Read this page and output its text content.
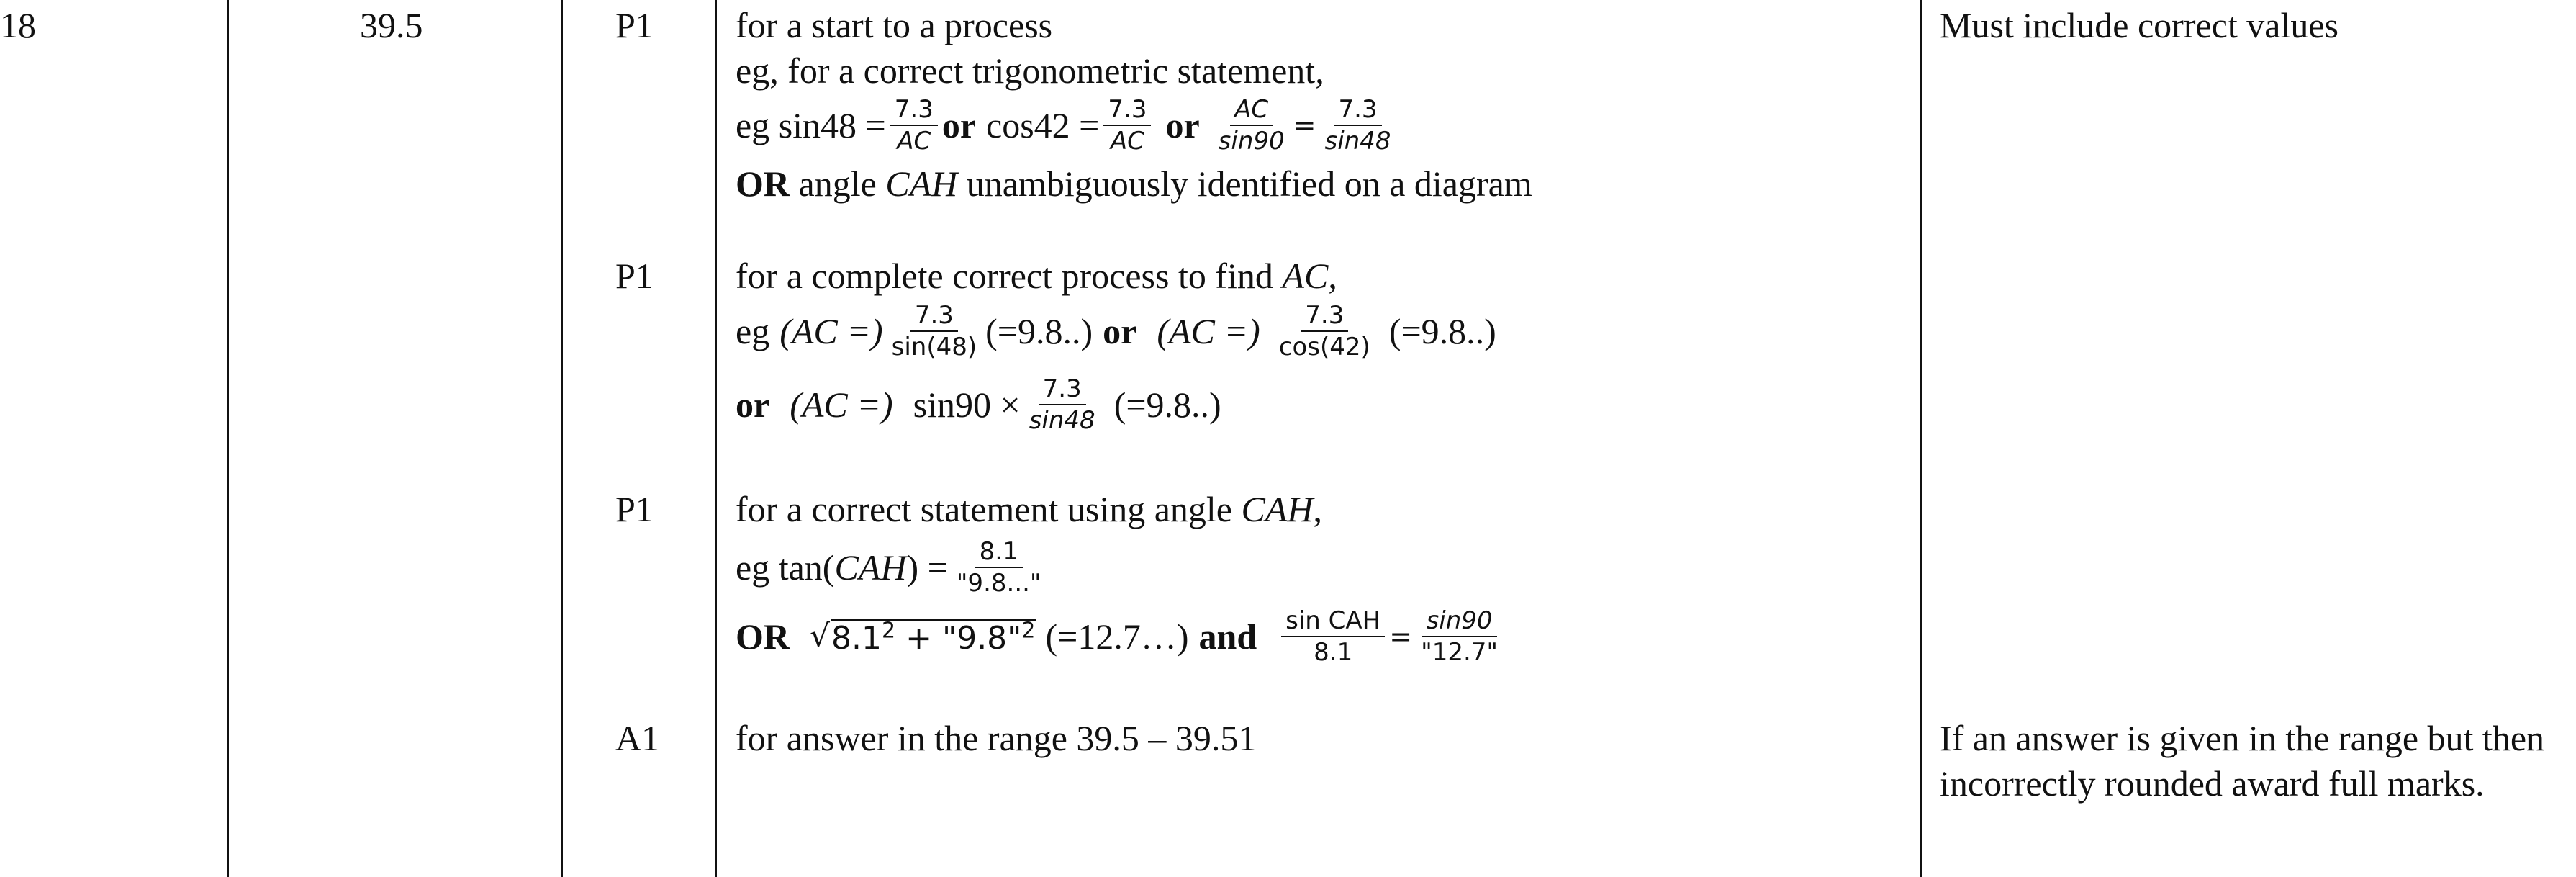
18	39.5	P1
P1
P1
A1
for a start to a process
eg, for a correct trigonometric statement,
eg $\sin 48 = \frac{7.3}{AC}$ or $\cos 42 = \frac{7.3}{AC}$ or $\frac{AC}{\sin 90} = \frac{7.3}{\sin 48}$
OR angle CAH unambiguously identified on a diagram
for a complete correct process to find AC,
eg (AC =) $\frac{7.3}{\sin(48)} (=9.8..)$ or (AC =) $\frac{7.3}{\cos(42)} (=9.8..)$
or (AC =) $\sin 90 \times \frac{7.3}{\sin 48} (=9.8..)$
for a correct statement using angle CAH,
eg tan( CAH ) = $\frac{8.1}{"9.8..."}$
OR √ $8.1^2$ + "9.8"$^2$ (=12.7…) and $\frac{\text{sin CAH}}{8.1} = \frac{\sin 90}{"12.7"}$
for answer in the range 39.5 – 39.51
Must include correct values
If an answer is given in the range but then incorrectly rounded award full marks.
